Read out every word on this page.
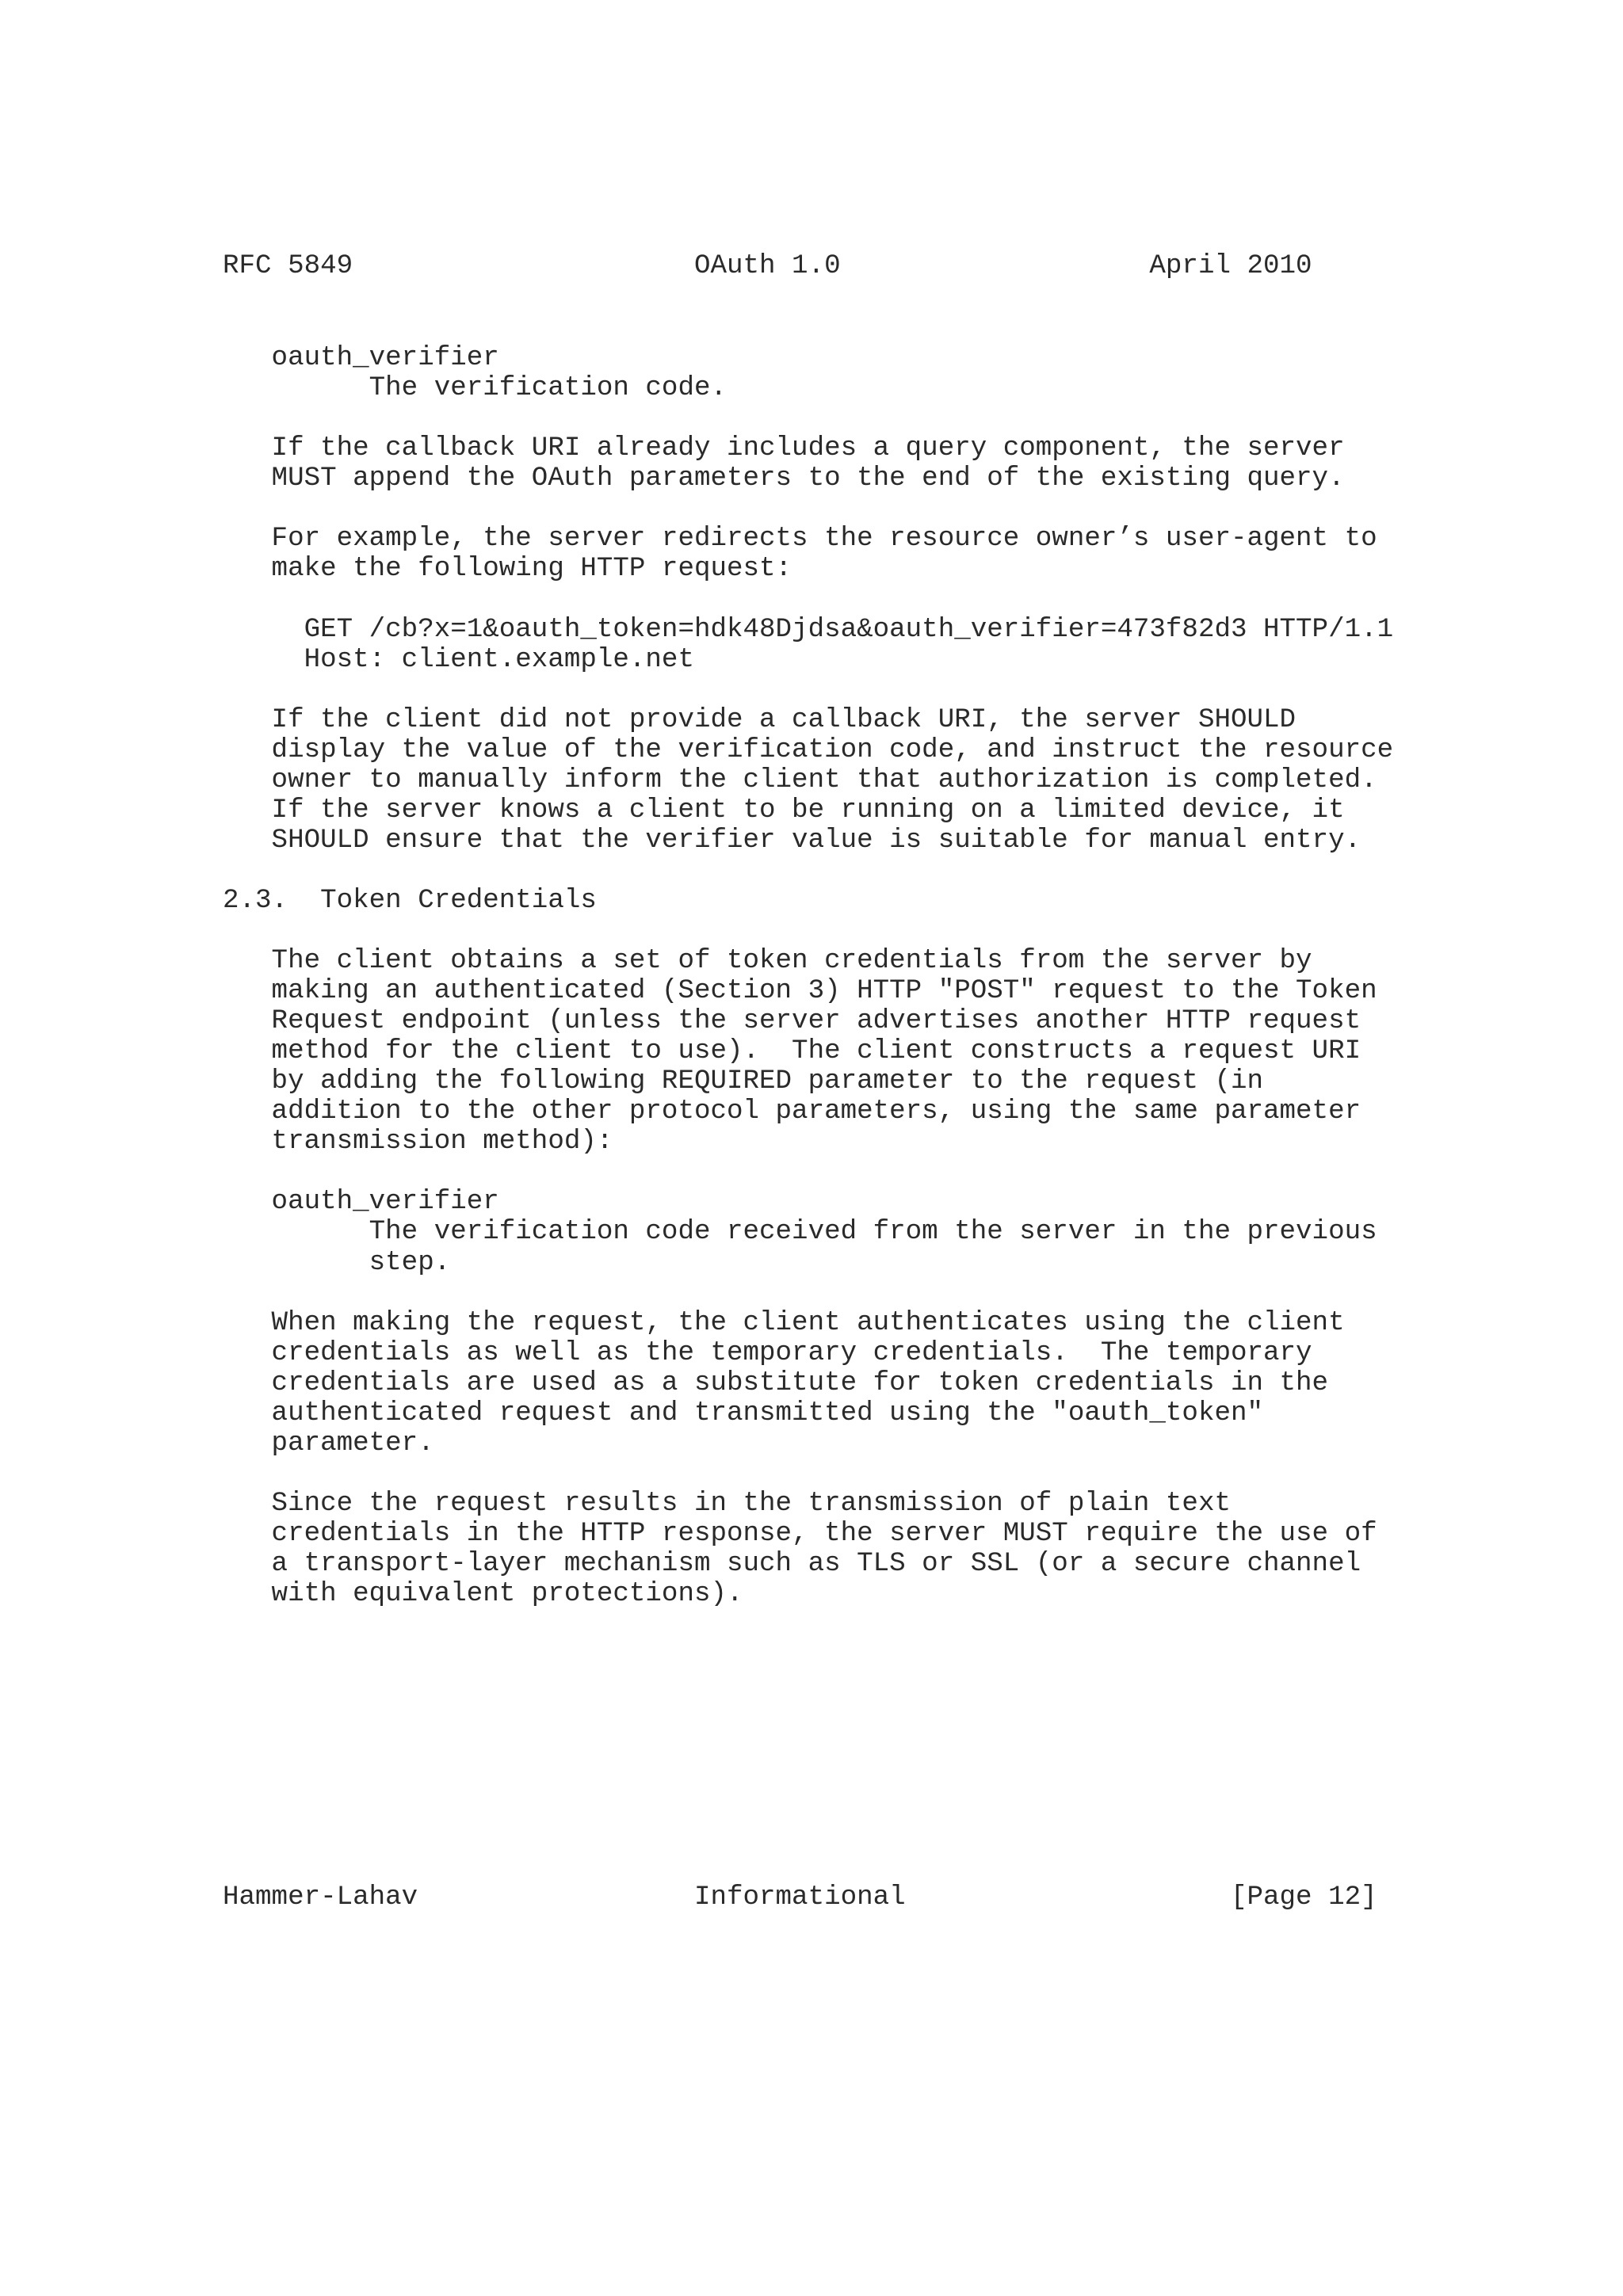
RFC 5849                     OAuth 1.0                   April 2010
oauth_verifier
The verification code.
If the callback URI already includes a query component, the server
MUST append the OAuth parameters to the end of the existing query.
For example, the server redirects the resource owner’s user-agent to
make the following HTTP request:
GET /cb?x=1&oauth_token=hdk48Djdsa&oauth_verifier=473f82d3 HTTP/1.1
Host: client.example.net
If the client did not provide a callback URI, the server SHOULD
display the value of the verification code, and instruct the resource
owner to manually inform the client that authorization is completed.
If the server knows a client to be running on a limited device, it
SHOULD ensure that the verifier value is suitable for manual entry.
2.3.  Token Credentials
The client obtains a set of token credentials from the server by
making an authenticated (Section 3) HTTP "POST" request to the Token
Request endpoint (unless the server advertises another HTTP request
method for the client to use).  The client constructs a request URI
by adding the following REQUIRED parameter to the request (in
addition to the other protocol parameters, using the same parameter
transmission method):
oauth_verifier
The verification code received from the server in the previous
step.
When making the request, the client authenticates using the client
credentials as well as the temporary credentials.  The temporary
credentials are used as a substitute for token credentials in the
authenticated request and transmitted using the "oauth_token"
parameter.
Since the request results in the transmission of plain text
credentials in the HTTP response, the server MUST require the use of
a transport-layer mechanism such as TLS or SSL (or a secure channel
with equivalent protections).
Hammer-Lahav                 Informational                    [Page 12]
